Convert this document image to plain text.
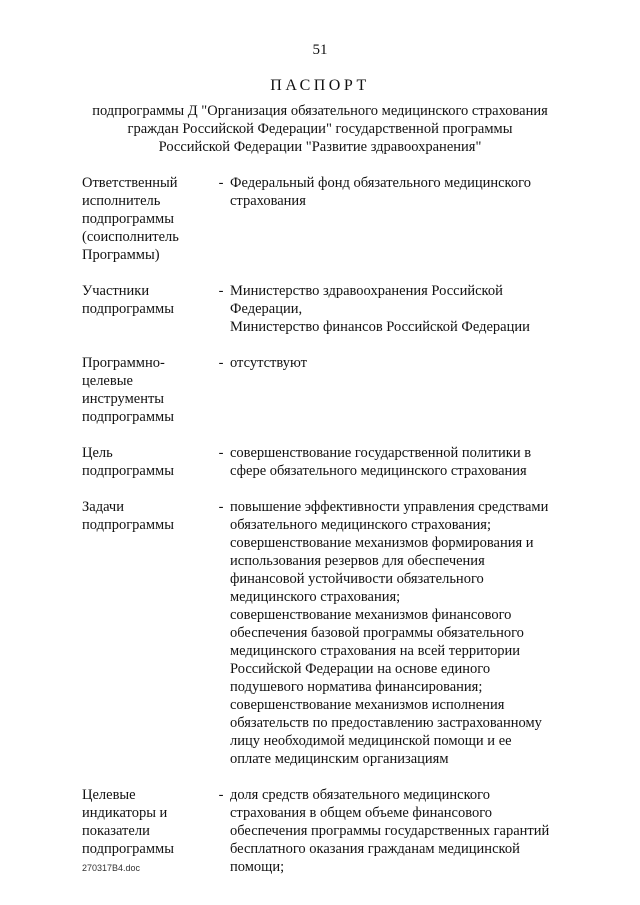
51
ПАСПОРТ
подпрограммы Д "Организация обязательного медицинского страхования
граждан Российской Федерации" государственной программы
Российской Федерации "Развитие здравоохранения"
Ответственный
исполнитель
подпрограммы
(соисполнитель
Программы)
- Федеральный фонд обязательного медицинского
страхования
Участники
подпрограммы
- Министерство здравоохранения Российской
Федерации,
Министерство финансов Российской Федерации
Программно-
целевые
инструменты
подпрограммы
- отсутствуют
Цель
подпрограммы
- совершенствование государственной политики в
сфере обязательного медицинского страхования
Задачи
подпрограммы
- повышение эффективности управления средствами
обязательного медицинского страхования;
совершенствование механизмов формирования и
использования резервов для обеспечения
финансовой устойчивости обязательного
медицинского страхования;
совершенствование механизмов финансового
обеспечения базовой программы обязательного
медицинского страхования на всей территории
Российской Федерации на основе единого
подушевого норматива финансирования;
совершенствование механизмов исполнения
обязательств по предоставлению застрахованному
лицу необходимой медицинской помощи и ее
оплате медицинским организациям
Целевые
индикаторы и
показатели
подпрограммы
- доля средств обязательного медицинского
страхования в общем объеме финансового
обеспечения программы государственных гарантий
бесплатного оказания гражданам медицинской
помощи;
270317B4.doc
